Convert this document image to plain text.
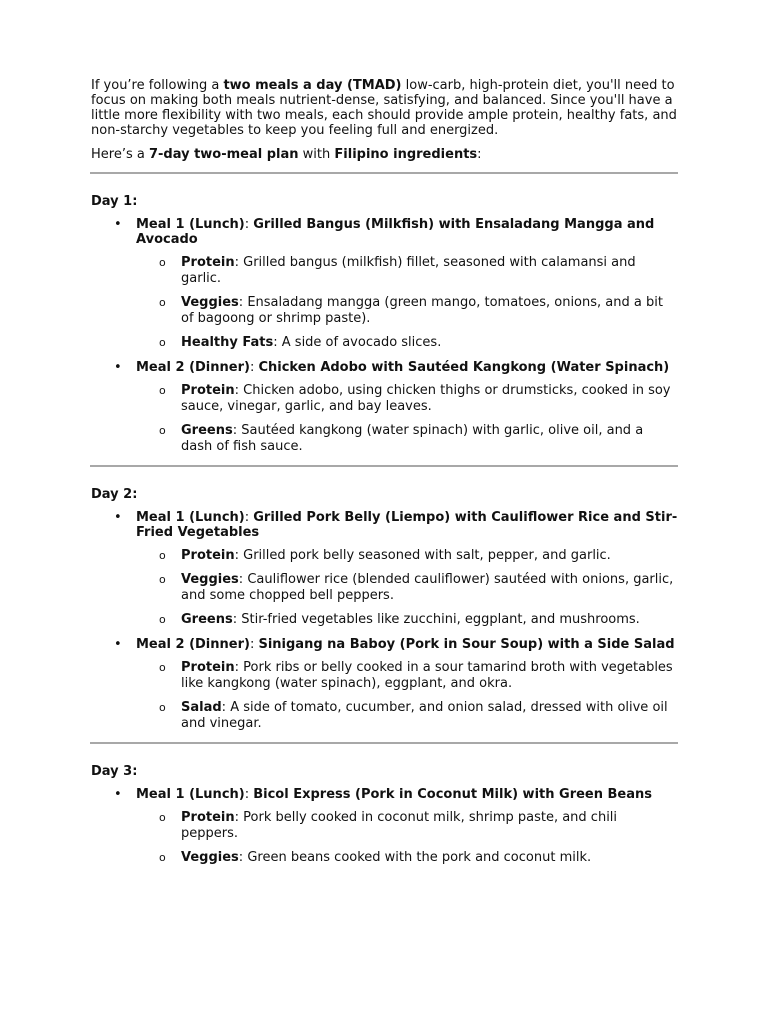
If you’re following a two meals a day (TMAD) low-carb, high-protein diet, you'll need to focus on making both meals nutrient-dense, satisfying, and balanced. Since you'll have a little more flexibility with two meals, each should provide ample protein, healthy fats, and non-starchy vegetables to keep you feeling full and energized.

Here’s a 7-day two-meal plan with Filipino ingredients:

Day 1:
• Meal 1 (Lunch): Grilled Bangus (Milkfish) with Ensaladang Mangga and Avocado
o Protein: Grilled bangus (milkfish) fillet, seasoned with calamansi and garlic.
o Veggies: Ensaladang mangga (green mango, tomatoes, onions, and a bit of bagoong or shrimp paste).
o Healthy Fats: A side of avocado slices.
• Meal 2 (Dinner): Chicken Adobo with Sautéed Kangkong (Water Spinach)
o Protein: Chicken adobo, using chicken thighs or drumsticks, cooked in soy sauce, vinegar, garlic, and bay leaves.
o Greens: Sautéed kangkong (water spinach) with garlic, olive oil, and a dash of fish sauce.
Day 2:
• Meal 1 (Lunch): Grilled Pork Belly (Liempo) with Cauliflower Rice and Stir-Fried Vegetables
o Protein: Grilled pork belly seasoned with salt, pepper, and garlic.
o Veggies: Cauliflower rice (blended cauliflower) sautéed with onions, garlic, and some chopped bell peppers.
o Greens: Stir-fried vegetables like zucchini, eggplant, and mushrooms.
• Meal 2 (Dinner): Sinigang na Baboy (Pork in Sour Soup) with a Side Salad
o Protein: Pork ribs or belly cooked in a sour tamarind broth with vegetables like kangkong (water spinach), eggplant, and okra.
o Salad: A side of tomato, cucumber, and onion salad, dressed with olive oil and vinegar.
Day 3:
• Meal 1 (Lunch): Bicol Express (Pork in Coconut Milk) with Green Beans
o Protein: Pork belly cooked in coconut milk, shrimp paste, and chili peppers.
o Veggies: Green beans cooked with the pork and coconut milk.
